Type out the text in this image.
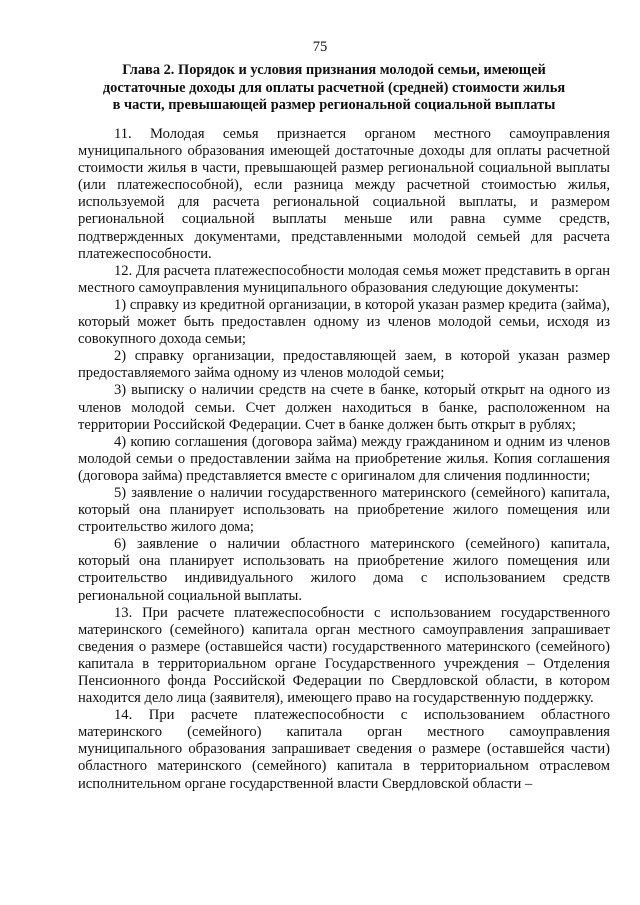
75
Глава 2. Порядок и условия признания молодой семьи, имеющей
достаточные доходы для оплаты расчетной (средней) стоимости жилья
в части, превышающей размер региональной социальной выплаты

11. Молодая семья признается органом местного самоуправления муниципального образования имеющей достаточные доходы для оплаты расчетной стоимости жилья в части, превышающей размер региональной социальной выплаты (или платежеспособной), если разница между расчетной стоимостью жилья, используемой для расчета региональной социальной выплаты, и размером региональной социальной выплаты меньше или равна сумме средств, подтвержденных документами, представленными молодой семьей для расчета платежеспособности.

12. Для расчета платежеспособности молодая семья может представить в орган местного самоуправления муниципального образования следующие документы:

1) справку из кредитной организации, в которой указан размер кредита (займа), который может быть предоставлен одному из членов молодой семьи, исходя из совокупного дохода семьи;

2) справку организации, предоставляющей заем, в которой указан размер предоставляемого займа одному из членов молодой семьи;

3) выписку о наличии средств на счете в банке, который открыт на одного из членов молодой семьи. Счет должен находиться в банке, расположенном на территории Российской Федерации. Счет в банке должен быть открыт в рублях;

4) копию соглашения (договора займа) между гражданином и одним из членов молодой семьи о предоставлении займа на приобретение жилья. Копия соглашения (договора займа) представляется вместе с оригиналом для сличения подлинности;

5) заявление о наличии государственного материнского (семейного) капитала, который она планирует использовать на приобретение жилого помещения или строительство жилого дома;

6) заявление о наличии областного материнского (семейного) капитала, который она планирует использовать на приобретение жилого помещения или строительство индивидуального жилого дома с использованием средств региональной социальной выплаты.

13. При расчете платежеспособности с использованием государственного материнского (семейного) капитала орган местного самоуправления запрашивает сведения о размере (оставшейся части) государственного материнского (семейного) капитала в территориальном органе Государственного учреждения – Отделения Пенсионного фонда Российской Федерации по Свердловской области, в котором находится дело лица (заявителя), имеющего право на государственную поддержку.

14. При расчете платежеспособности с использованием областного материнского (семейного) капитала орган местного самоуправления муниципального образования запрашивает сведения о размере (оставшейся части) областного материнского (семейного) капитала в территориальном отраслевом исполнительном органе государственной власти Свердловской области –
